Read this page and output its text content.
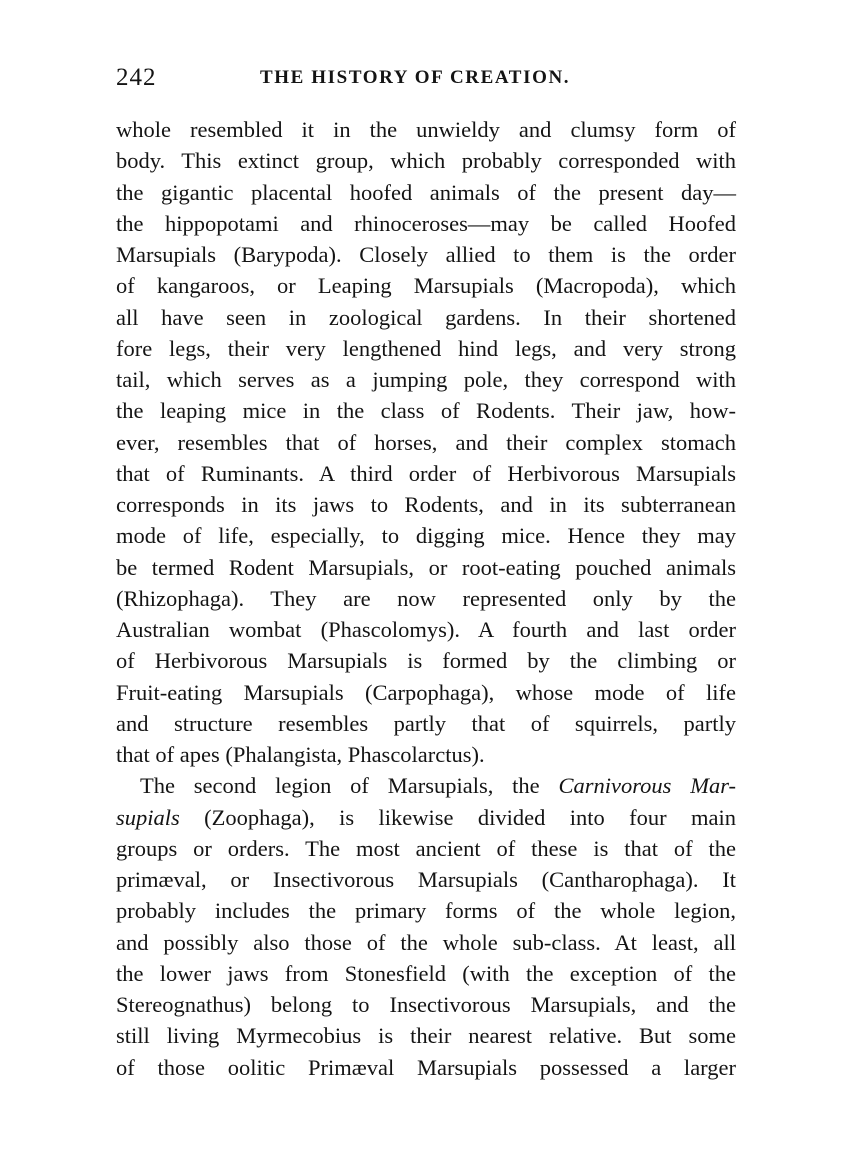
242	THE HISTORY OF CREATION.
whole resembled it in the unwieldy and clumsy form of
body. This extinct group, which probably corresponded with
the gigantic placental hoofed animals of the present day—
the hippopotami and rhinoceroses—may be called Hoofed
Marsupials (Barypoda). Closely allied to them is the order
of kangaroos, or Leaping Marsupials (Macropoda), which
all have seen in zoological gardens. In their shortened
fore legs, their very lengthened hind legs, and very strong
tail, which serves as a jumping pole, they correspond with
the leaping mice in the class of Rodents. Their jaw, how-
ever, resembles that of horses, and their complex stomach
that of Ruminants. A third order of Herbivorous Marsupials
corresponds in its jaws to Rodents, and in its subterranean
mode of life, especially, to digging mice. Hence they may
be termed Rodent Marsupials, or root-eating pouched animals
(Rhizophaga). They are now represented only by the
Australian wombat (Phascolomys). A fourth and last order
of Herbivorous Marsupials is formed by the climbing or
Fruit-eating Marsupials (Carpophaga), whose mode of life
and structure resembles partly that of squirrels, partly
that of apes (Phalangista, Phascolarctus).
The second legion of Marsupials, the Carnivorous Mar-
supials (Zoophaga), is likewise divided into four main
groups or orders. The most ancient of these is that of the
primæval, or Insectivorous Marsupials (Cantharophaga). It
probably includes the primary forms of the whole legion,
and possibly also those of the whole sub-class. At least, all
the lower jaws from Stonesfield (with the exception of the
Stereognathus) belong to Insectivorous Marsupials, and the
still living Myrmecobius is their nearest relative. But some
of those oolitic Primæval Marsupials possessed a larger
